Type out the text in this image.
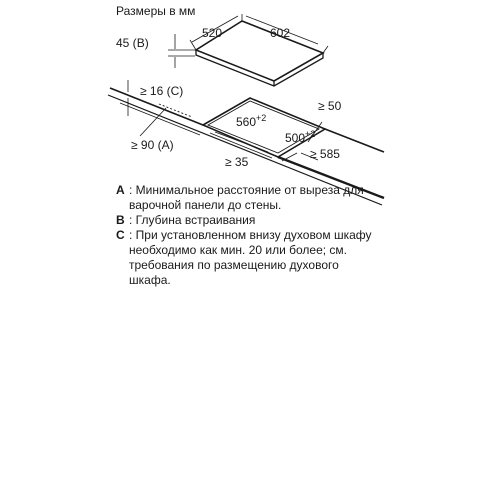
Размеры в мм
520	602
45 (B)
≥ 16 (C)
≥ 50
$560^{+2}$
$500^{+2}$
≥ 90 (A)
≥ 35
≥ 585
A : Минимальное расстояние от выреза для варочной панели до стены.
B : Глубина встраивания
C : При установленном внизу духовом шкафу необходимо как мин. 20 или более; см. требования по размещению духового шкафа.
